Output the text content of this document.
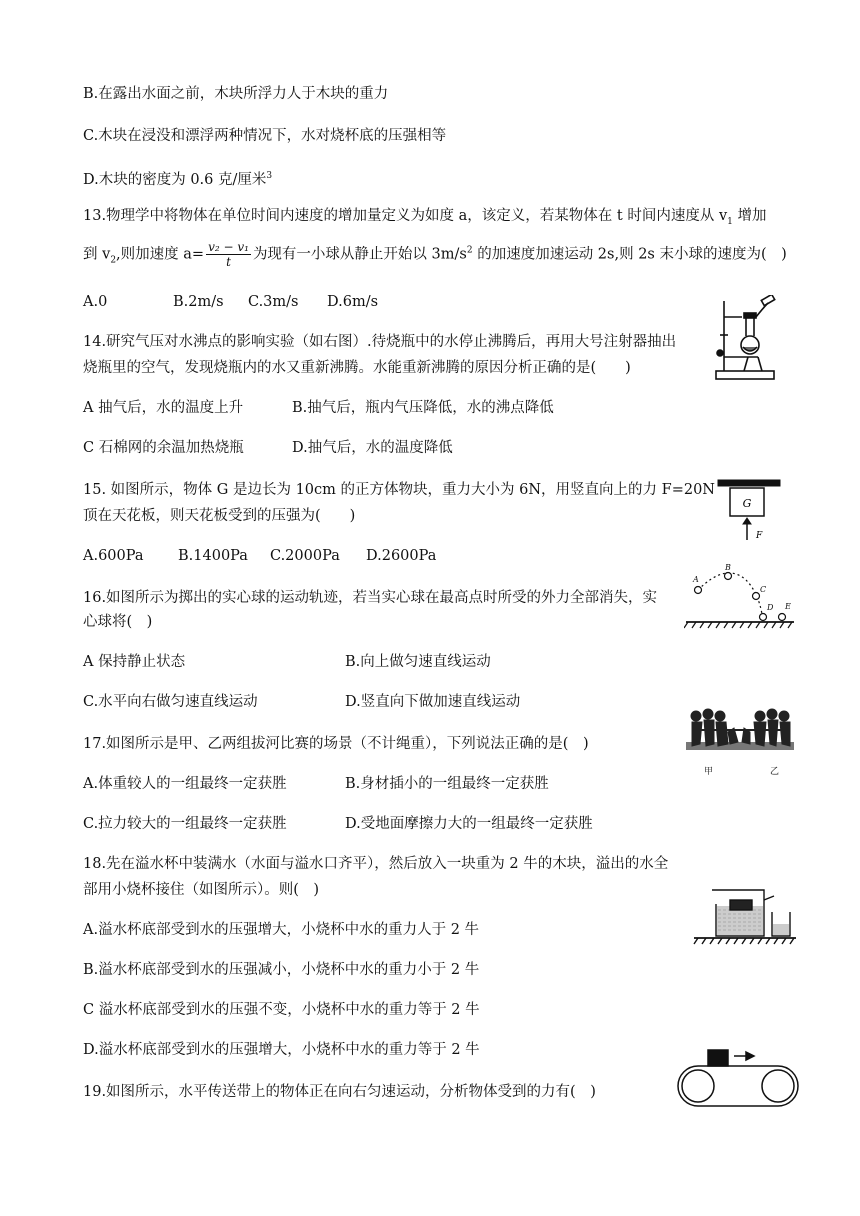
B.在露出水面之前，木块所浮力人于木块的重力
C.木块在浸没和漂浮两种情况下，水对烧杯底的压强相等
D.木块的密度为 0.6 克/厘米$^3$
13.物理学中将物体在单位时间内速度的增加量定义为如度 a，该定义，若某物体在 t 时间内速度从 $v_1$ 增加
到 $v_2$,则加速度 $a= \frac{\text{v₂ − v₁}}{t}$ 为现有一小球从静止开始以 $3m/s^2$ 的加速度加速运动 2s,则 2s 末小球的速度为(　)
A.0	B.2m/s C.3m/s D.6m/s
14.研究气压对水沸点的影响实验（如右图）.待烧瓶中的水停止沸腾后，再用大号注射器抽出
烧瓶里的空气，发现烧瓶内的水又重新沸腾。水能重新沸腾的原因分析正确的是(　　)
A 抽气后，水的温度上升	B.抽气后，瓶内气压降低，水的沸点降低
C 石棉网的余温加热烧瓶	D.抽气后，水的温度降低
15. 如图所示，物体 G 是边长为 10cm 的正方体物块，重力大小为 6N，用竖直向上的力 F=20N
顶在天花板，则天花板受到的压强为(　　)
A.600Pa B.1400Pa C.2000Pa D.2600Pa
G
F
16.如图所示为掷出的实心球的运动轨迹，若当实心球在最高点时所受的外力全部消失，实
心球将(　)
A 保持静止状态	B.向上做匀速直线运动
C.水平向右做匀速直线运动	D.竖直向下做加速直线运动
A
B
C
D E
17.如图所示是甲、乙两组拔河比赛的场景（不计绳重），下列说法正确的是(　)
A.体重较人的一组最终一定获胜	B.身材插小的一组最终一定获胜
C.拉力较大的一组最终一定获胜	D.受地面摩擦力大的一组最终一定获胜
甲	乙
18.先在溢水杯中装满水（水面与溢水口齐平），然后放入一块重为 2 牛的木块，溢出的水全
部用小烧杯接住（如图所示）。则(　)
A.溢水杯底部受到水的压强增大，小烧杯中水的重力人于 2 牛
B.溢水杯底部受到水的压强减小，小烧杯中水的重力小于 2 牛
C 溢水杯底部受到水的压强不变，小烧杯中水的重力等于 2 牛
D.溢水杯底部受到水的压强增大，小烧杯中水的重力等于 2 牛
19.如图所示，水平传送带上的物体正在向右匀速运动，分析物体受到的力有(　)
